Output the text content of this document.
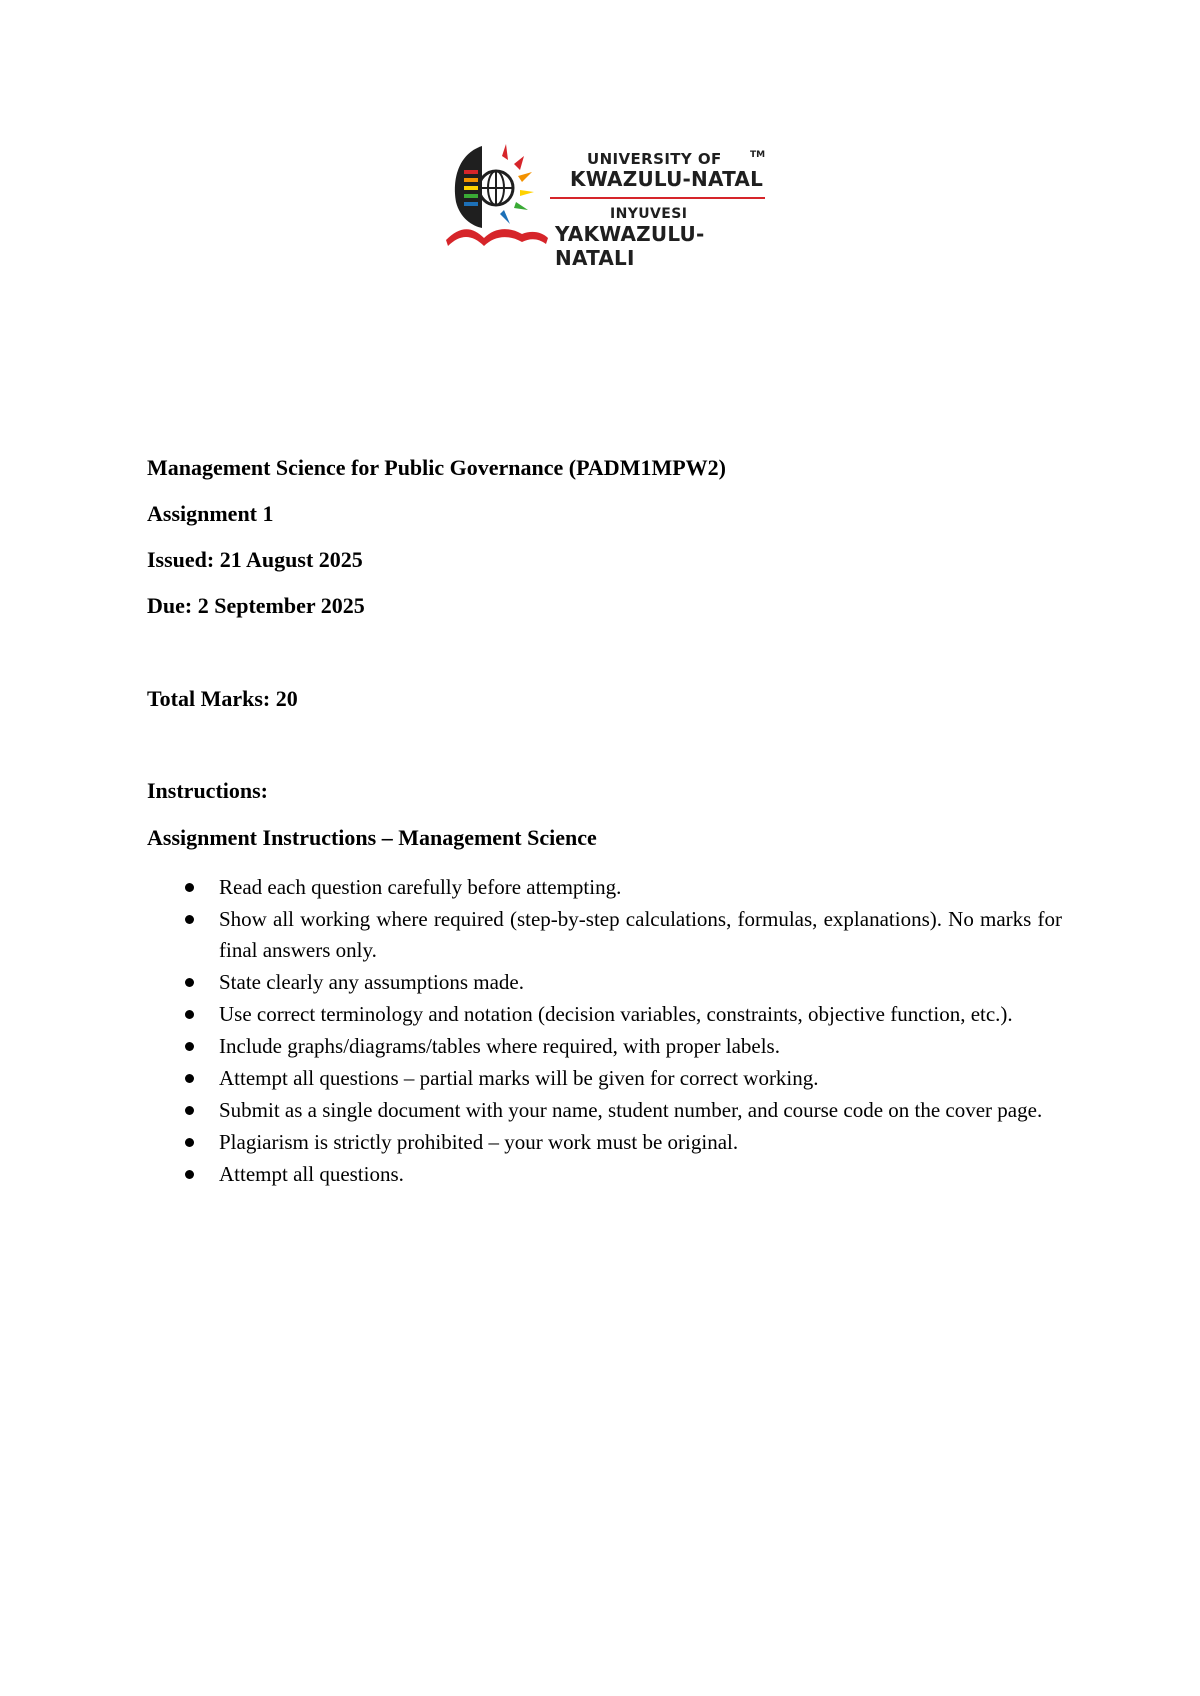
UNIVERSITY OF	TM
KWAZULU-NATAL
INYUVESI
YAKWAZULU-NATALI

Management Science for Public Governance (PADM1MPW2)

Assignment 1

Issued: 21 August 2025

Due: 2 September 2025

Total Marks: 20

Instructions:

Assignment Instructions – Management Science

Read each question carefully before attempting.
Show all working where required (step-by-step calculations, formulas, explanations). No marks for final answers only.
State clearly any assumptions made.
Use correct terminology and notation (decision variables, constraints, objective function, etc.).
Include graphs/diagrams/tables where required, with proper labels.
Attempt all questions – partial marks will be given for correct working.
Submit as a single document with your name, student number, and course code on the cover page.
Plagiarism is strictly prohibited – your work must be original.
Attempt all questions.
